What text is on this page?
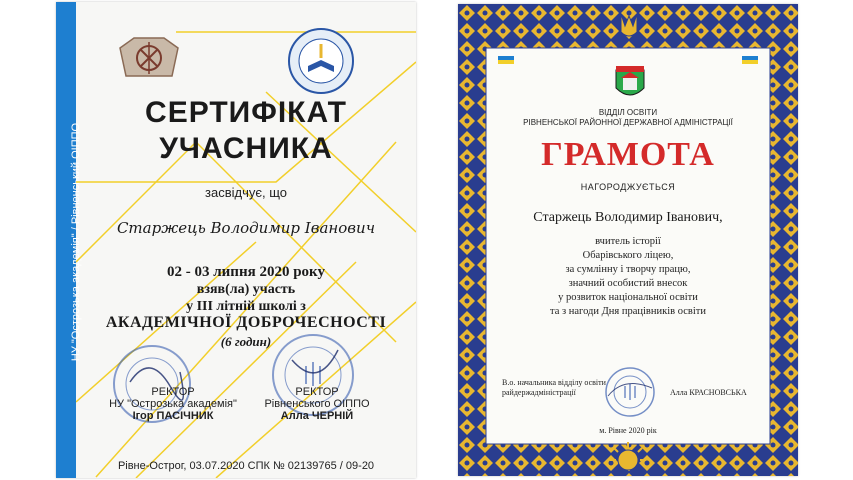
НУ "Острозька академія" / Рівненський ОІППО
СЕРТИФІКАТ
УЧАСНИКА
засвідчує, що
Старжець Володимир Іванович
02 - 03 липня 2020 року
взяв(ла) участь
у ІІІ літній школі з
АКАДЕМІЧНОЇ ДОБРОЧЕСНОСТІ
(6 годин)
РЕКТОР
НУ "Острозька академія"
Ігор ПАСІЧНИК
РЕКТОР
Рівненського ОІППО
Алла ЧЕРНІЙ
Рівне-Острог, 03.07.2020 СПК № 02139765 / 09-20
ВІДДІЛ ОСВІТИ
РІВНЕНСЬКОЇ РАЙОННОЇ ДЕРЖАВНОЇ АДМІНІСТРАЦІЇ
ГРАМОТА
НАГОРОДЖУЄТЬСЯ
Старжець Володимир Іванович,
вчитель історії
Обарівського ліцею,
за сумлінну і творчу працю,
значний особистий внесок
у розвиток національної освіти
та з нагоди Дня працівників освіти
В.о. начальника відділу освіти
райдержадміністрації	Алла КРАСНОВСЬКА
м. Рівне 2020 рік
